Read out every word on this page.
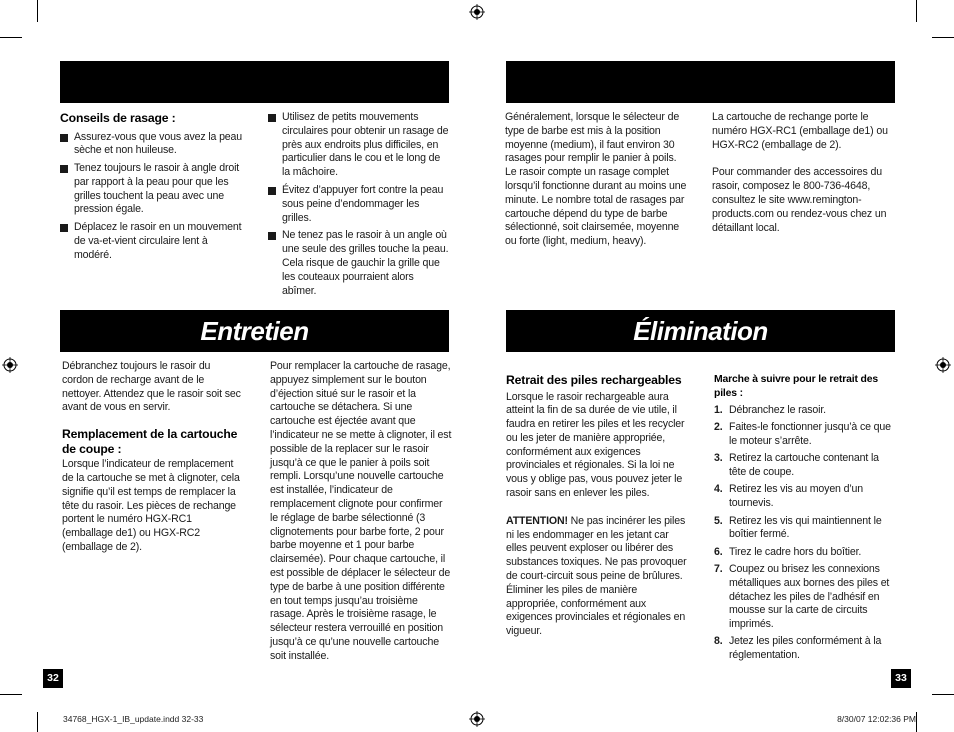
Conseils de rasage :

Assurez-vous que vous avez la peau sèche et non huileuse.
Tenez toujours le rasoir à angle droit par rapport à la peau pour que les grilles touchent la peau avec une pression égale.
Déplacez le rasoir en un mouvement de va-et-vient circulaire lent à modéré.
Utilisez de petits mouvements circulaires pour obtenir un rasage de près aux endroits plus difficiles, en particulier dans le cou et le long de la mâchoire.
Évitez d’appuyer fort contre la peau sous peine d’endommager les grilles.
Ne tenez pas le rasoir à un angle où une seule des grilles touche la peau. Cela risque de gauchir la grille que les couteaux pourraient alors abîmer.
Entretien

Débranchez toujours le rasoir du cordon de recharge avant de le nettoyer. Attendez que le rasoir soit sec avant de vous en servir.

Remplacement de la cartouche de coupe :

Lorsque l’indicateur de remplacement de la cartouche se met à clignoter, cela signifie qu’il est temps de remplacer la tête du rasoir. Les pièces de rechange portent le numéro HGX-RC1 (emballage de1) ou HGX-RC2 (emballage de 2).

Pour remplacer la cartouche de rasage, appuyez simplement sur le bouton d’éjection situé sur le rasoir et la cartouche se détachera. Si une cartouche est éjectée avant que l’indicateur ne se mette à clignoter, il est possible de la replacer sur le rasoir jusqu’à ce que le panier à poils soit rempli. Lorsqu’une nouvelle cartouche est installée, l’indicateur de remplacement clignote pour confirmer le réglage de barbe sélectionné (3 clignotements pour barbe forte, 2 pour barbe moyenne et 1 pour barbe clairsemée). Pour chaque cartouche, il est possible de déplacer le sélecteur de type de barbe à une position différente en tout temps jusqu’au troisième rasage. Après le troisième rasage, le sélecteur restera verrouillé en position jusqu’à ce qu’une nouvelle cartouche soit installée.

32

Généralement, lorsque le sélecteur de type de barbe est mis à la position moyenne (medium), il faut environ 30 rasages pour remplir le panier à poils. Le rasoir compte un rasage complet lorsqu’il fonctionne durant au moins une minute. Le nombre total de rasages par cartouche dépend du type de barbe sélectionné, soit clairsemée, moyenne ou forte (light, medium, heavy).

La cartouche de rechange porte le numéro HGX-RC1 (emballage de1) ou HGX-RC2 (emballage de 2).

Pour commander des accessoires du rasoir, composez le 800-736-4648, consultez le site www.remington-products.com ou rendez-vous chez un détaillant local.

Élimination

Retrait des piles rechargeables

Lorsque le rasoir rechargeable aura atteint la fin de sa durée de vie utile, il faudra en retirer les piles et les recycler ou les jeter de manière appropriée, conformément aux exigences provinciales et régionales. Si la loi ne vous y oblige pas, vous pouvez jeter le rasoir sans en enlever les piles.

ATTENTION! Ne pas incinérer les piles ni les endommager en les jetant car elles peuvent exploser ou libérer des substances toxiques. Ne pas provoquer de court-circuit sous peine de brûlures. Éliminer les piles de manière appropriée, conformément aux exigences provinciales et régionales en vigueur.

Marche à suivre pour le retrait des piles :

1. Débranchez le rasoir.
2. Faites-le fonctionner jusqu’à ce que le moteur s’arrête.
3. Retirez la cartouche contenant la tête de coupe.
4. Retirez les vis au moyen d’un tournevis.
5. Retirez les vis qui maintiennent le boîtier fermé.
6. Tirez le cadre hors du boîtier.
7. Coupez ou brisez les connexions métalliques aux bornes des piles et détachez les piles de l’adhésif en mousse sur la carte de circuits imprimés.
8. Jetez les piles conformément à la réglementation.
33
34768_HGX-1_IB_update.indd 32-33	8/30/07 12:02:36 PM
